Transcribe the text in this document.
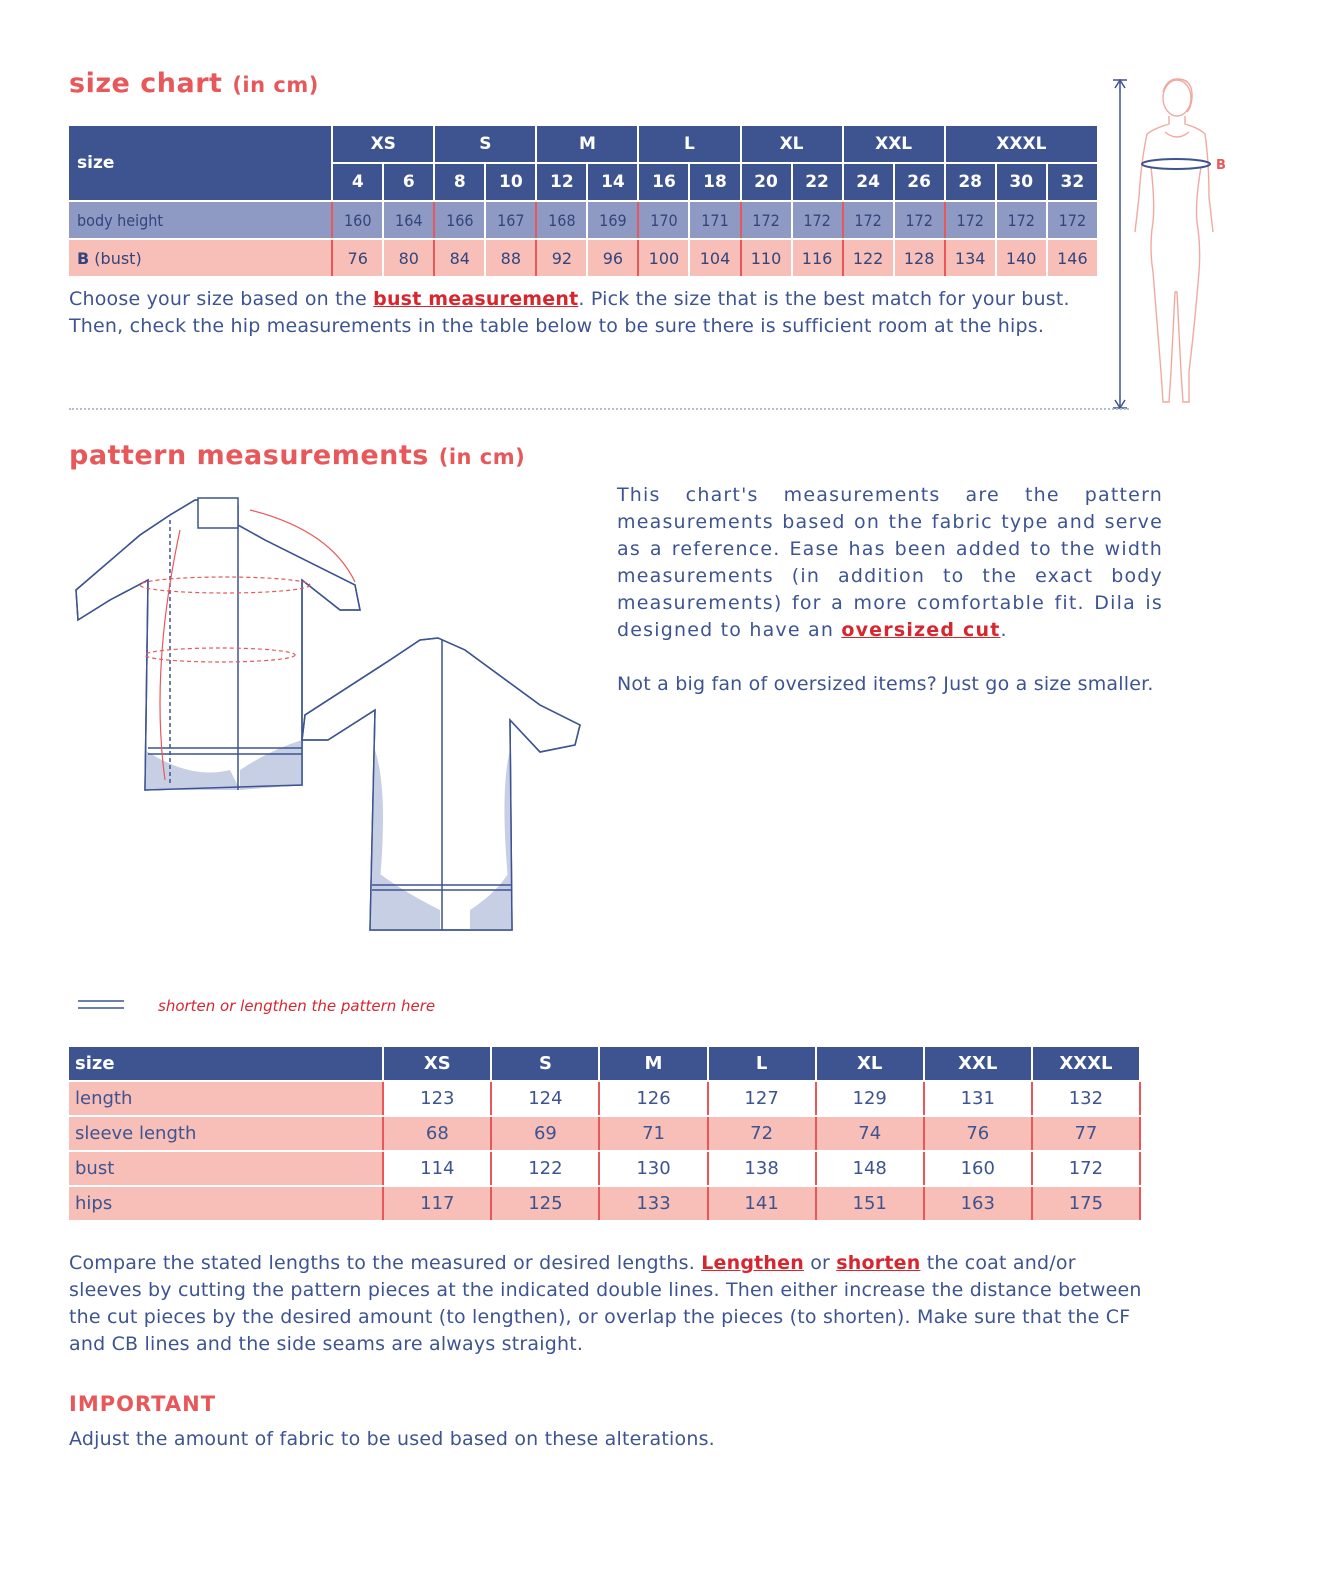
size chart (in cm)
size	XS		S		M		L		XL		XXL		XXXL		
	4	6	8	10	12	14	16	18	20	22	24	26	28	30	32
body height	160	164	166	167	168	169	170	171	172	172	172	172	172	172	172
B (bust)	76	80	84	88	92	96	100	104	110	116	122	128	134	140	146

Choose your size based on the bust measurement. Pick the size that is the best match for your bust. Then, check the hip measurements in the table below to be sure there is sufficient room at the hips.

B
pattern measurements (in cm)

This chart's measurements are the pattern measurements based on the fabric type and serve as a reference. Ease has been added to the width measurements (in addition to the exact body measurements) for a more comfortable fit. Dila is designed to have an oversized cut.

Not a big fan of oversized items? Just go a size smaller.

shorten or lengthen the pattern here
size	XS	S	M	L	XL	XXL	XXXL
length	123	124	126	127	129	131	132
sleeve length	68	69	71	72	74	76	77
bust	114	122	130	138	148	160	172
hips	117	125	133	141	151	163	175

Compare the stated lengths to the measured or desired lengths. Lengthen or shorten the coat and/or sleeves by cutting the pattern pieces at the indicated double lines. Then either increase the distance between the cut pieces by the desired amount (to lengthen), or overlap the pieces (to shorten). Make sure that the CF and CB lines and the side seams are always straight.

IMPORTANT

Adjust the amount of fabric to be used based on these alterations.
